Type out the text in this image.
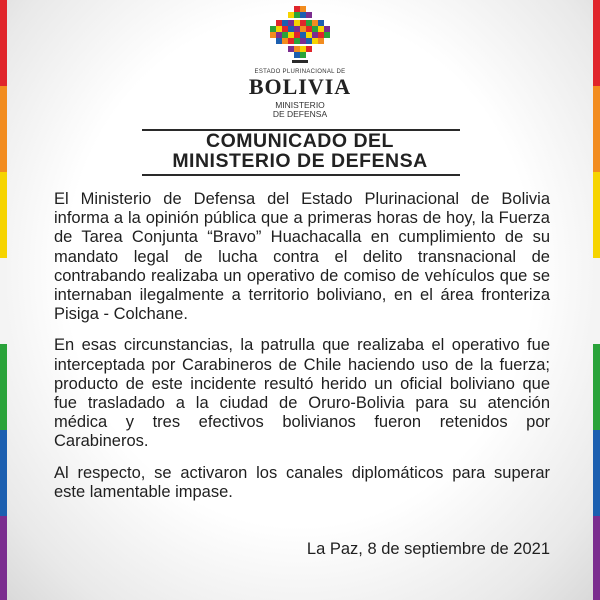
ESTADO PLURINACIONAL DE
BOLIVIA
MINISTERIO
DE DEFENSA
COMUNICADO DEL
MINISTERIO DE DEFENSA

El Ministerio de Defensa del Estado Plurinacional de Bolivia informa a la opinión pública que a primeras horas de hoy, la Fuerza de Tarea Conjunta “Bravo” Huachacalla en cumplimiento de su mandato legal de lucha contra el delito transnacional de contrabando realizaba un operativo de comiso de vehículos que se internaban ilegalmente a territorio boliviano, en el área fronteriza Pisiga - Colchane.

En esas circunstancias, la patrulla que realizaba el operativo fue interceptada por Carabineros de Chile haciendo uso de la fuerza; producto de este incidente resultó herido un oficial boliviano que fue trasladado a la ciudad de Oruro-Bolivia para su atención médica y tres efectivos bolivianos fueron retenidos por Carabineros.

Al respecto, se activaron los canales diplomáticos para superar este lamentable impase.

La Paz, 8 de septiembre de 2021
